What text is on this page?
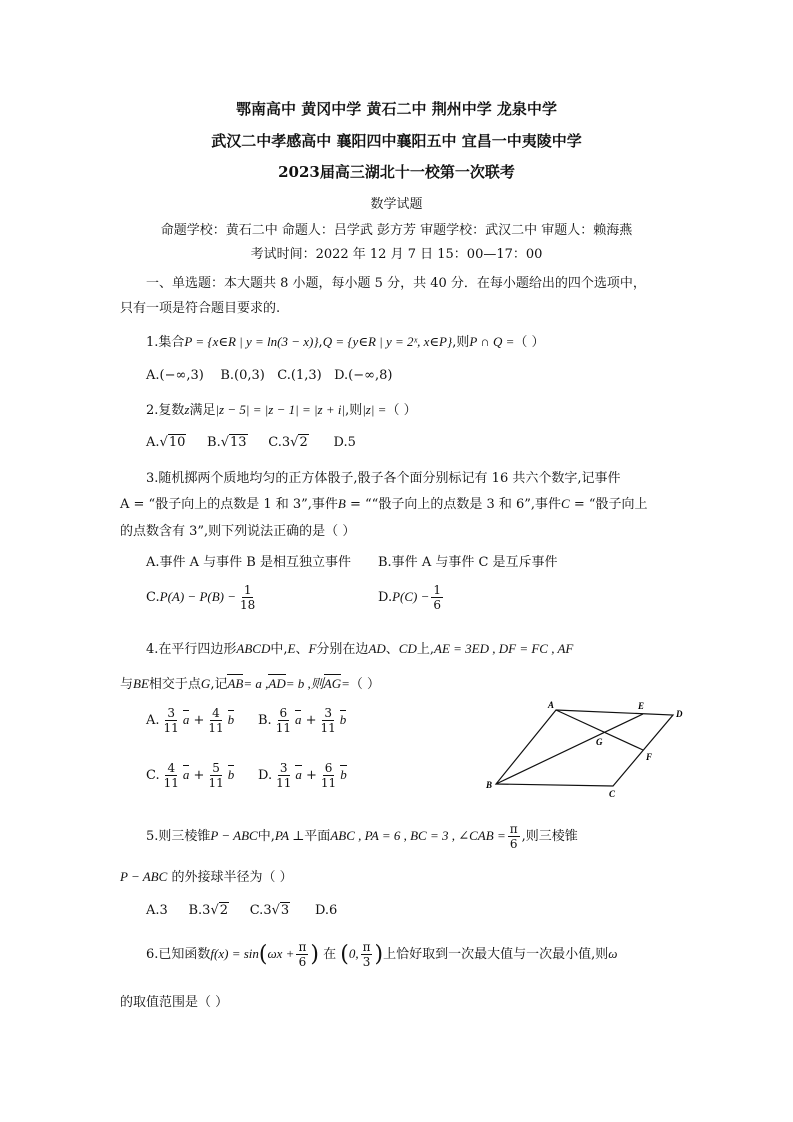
鄂南高中 黄冈中学 黄石二中 荆州中学 龙泉中学
武汉二中孝感高中 襄阳四中襄阳五中 宜昌一中夷陵中学
2023届高三湖北十一校第一次联考
数学试题
命题学校：黄石二中 命题人：吕学武 彭方芳 审题学校：武汉二中 审题人：赖海燕
考试时间：2022 年 12 月 7 日 15：00—17：00
一、单选题：本大题共 8 小题，每小题 5 分，共 40 分．在每小题给出的四个选项中，
只有一项是符合题目要求的.
1.集合P = {x∈R | y = ln(3 − x)},Q = {y∈R | y = 2ˣ, x∈P},则P ∩ Q =（ ）
A.(−∞,3) B.(0,3) C.(1,3) D.(−∞,8)
2.复数z满足|z − 5| = |z − 1| = |z + i|,则|z| =（ ）
A.√10 B.√13 C.3√2 D.5
3.随机掷两个质地均匀的正方体骰子,骰子各个面分别标记有 16 共六个数字,记事件
A = “骰子向上的点数是 1 和 3”,事件B = ““骰子向上的点数是 3 和 6”,事件C = “骰子向上
的点数含有 3”,则下列说法正确的是（ ）
A.事件 A 与事件 B 是相互独立事件 B.事件 A 与事件 C 是互斥事件
$C.P(A) - P(B) - \frac{1}{18}$	$D.P(C) - \frac{1}{6}$
4.在平行四边形ABCD中,E、F分别在边AD、CD上,AE = 3ED , DF = FC , AF
与BE相交于点G,记AB= a ,AD= b ,则AG=（ ）
A. $\frac{3}{11}$ $a + \frac{4}{11}$ b B. $\frac{6}{11}$ $a + \frac{3}{11}$ b
C. $\frac{4}{11}$ $a + \frac{5}{11}$ b D. $\frac{3}{11}$ $a + \frac{6}{11}$ b
A
B
C
D
E
F
G
5.则三棱锥P − ABC中,PA ⊥平面ABC , PA = 6 , BC = 3 , ∠CAB = $\frac{\pi}{6}$ ,则三棱锥
P − ABC 的外接球半径为（ ）
A.3 B.3√2 C.3√3 D.6
6.已知函数$f(x) = \sin(\omega x + \frac{\pi}{6}$ ) 在 (0, $\frac{\pi}{3}$ )上恰好取到一次最大值与一次最小值,则ω
的取值范围是（ ）
